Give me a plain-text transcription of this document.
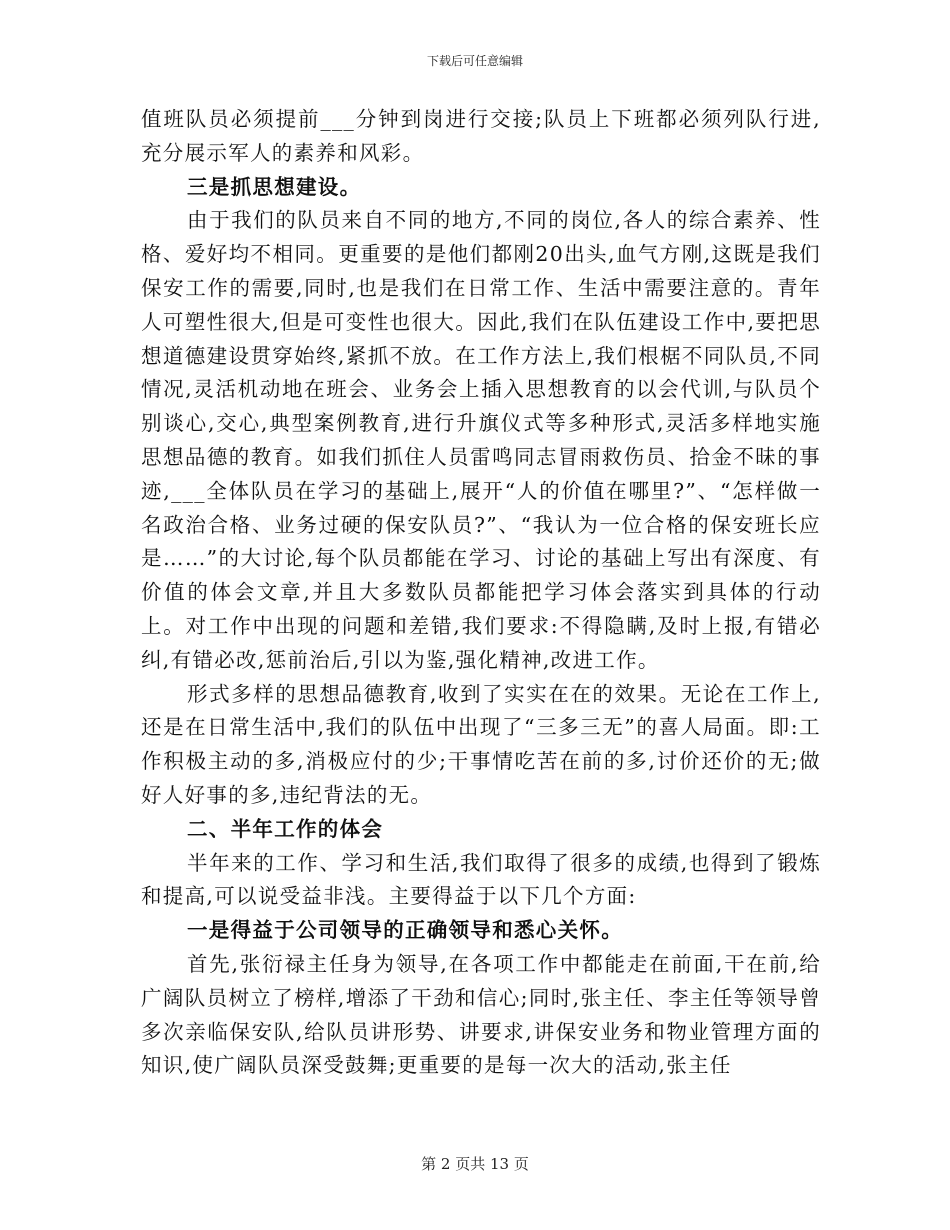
下载后可任意编辑

值班队员必须提前___分钟到岗进行交接;队员上下班都必须列队行进,充分展示军人的素养和风彩。

三是抓思想建设。

由于我们的队员来自不同的地方,不同的岗位,各人的综合素养、性格、爱好均不相同。更重要的是他们都刚20出头,血气方刚,这既是我们保安工作的需要,同时,也是我们在日常工作、生活中需要注意的。青年人可塑性很大,但是可变性也很大。因此,我们在队伍建设工作中,要把思想道德建设贯穿始终,紧抓不放。在工作方法上,我们根椐不同队员,不同情况,灵活机动地在班会、业务会上插入思想教育的以会代训,与队员个别谈心,交心,典型案例教育,进行升旗仪式等多种形式,灵活多样地实施思想品德的教育。如我们抓住人员雷鸣同志冒雨救伤员、拾金不昧的事迹,___全体队员在学习的基础上,展开“人的价值在哪里?”、“怎样做一名政治合格、业务过硬的保安队员?”、“我认为一位合格的保安班长应是……”的大讨论,每个队员都能在学习、讨论的基础上写出有深度、有价值的体会文章,并且大多数队员都能把学习体会落实到具体的行动上。对工作中出现的问题和差错,我们要求:不得隐瞒,及时上报,有错必纠,有错必改,惩前治后,引以为鉴,强化精神,改进工作。

形式多样的思想品德教育,收到了实实在在的效果。无论在工作上,还是在日常生活中,我们的队伍中出现了“三多三无”的喜人局面。即:工作积极主动的多,消极应付的少;干事情吃苦在前的多,讨价还价的无;做好人好事的多,违纪背法的无。

二、半年工作的体会

半年来的工作、学习和生活,我们取得了很多的成绩,也得到了锻炼和提高,可以说受益非浅。主要得益于以下几个方面:

一是得益于公司领导的正确领导和悉心关怀。

首先,张衍禄主任身为领导,在各项工作中都能走在前面,干在前,给广阔队员树立了榜样,增添了干劲和信心;同时,张主任、李主任等领导曾多次亲临保安队,给队员讲形势、讲要求,讲保安业务和物业管理方面的知识,使广阔队员深受鼓舞;更重要的是每一次大的活动,张主任

第 2 页共 13 页
